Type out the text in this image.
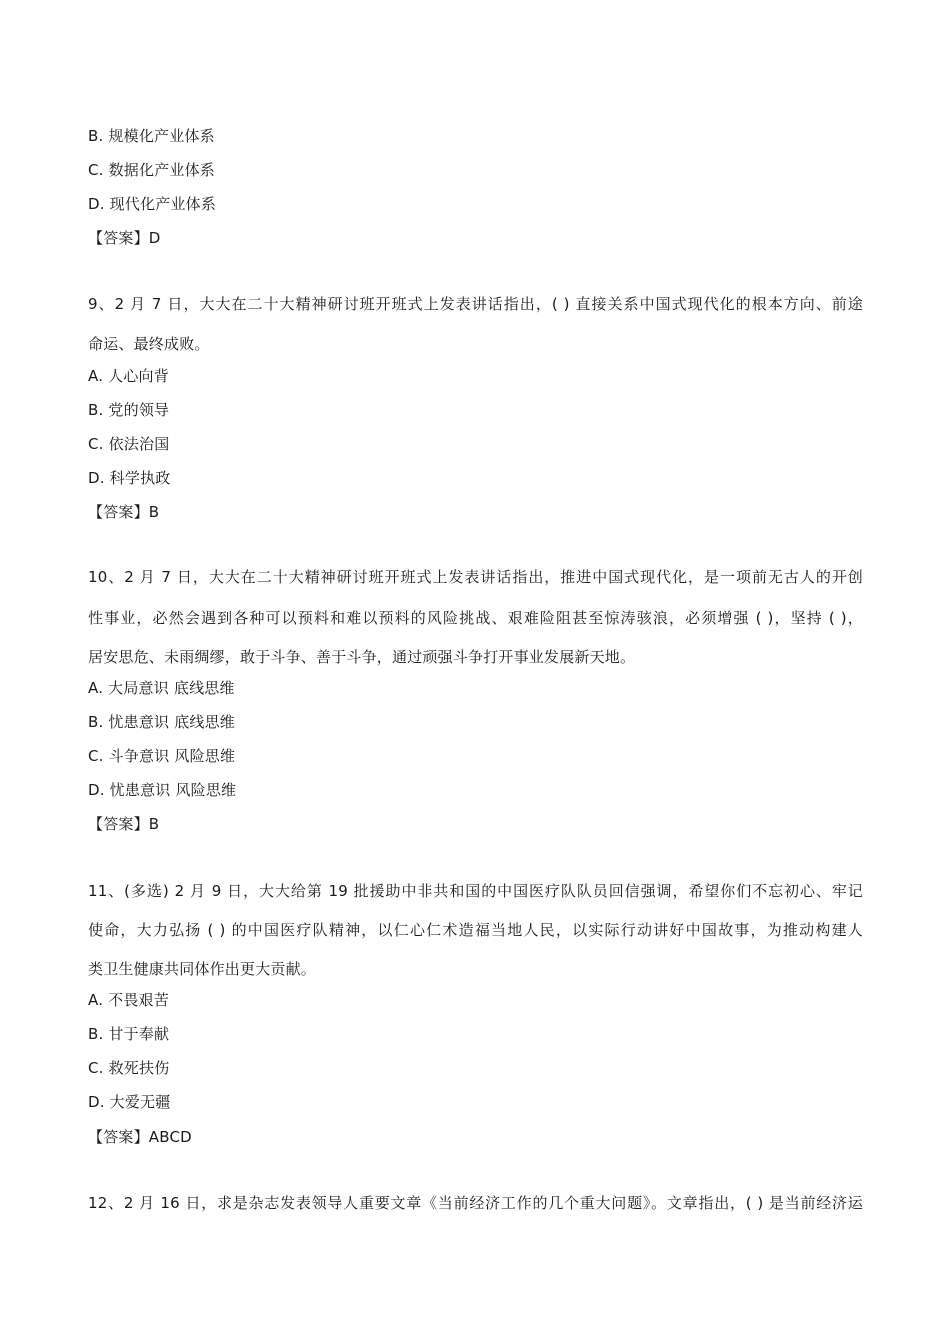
B. 规模化产业体系
C. 数据化产业体系
D. 现代化产业体系
【答案】D
9、2 月 7 日，大大在二十大精神研讨班开班式上发表讲话指出，( ) 直接关系中国式现代化的根本方向、前途
命运、最终成败。
A. 人心向背
B. 党的领导
C. 依法治国
D. 科学执政
【答案】B
10、2 月 7 日，大大在二十大精神研讨班开班式上发表讲话指出，推进中国式现代化，是一项前无古人的开创
性事业，必然会遇到各种可以预料和难以预料的风险挑战、艰难险阻甚至惊涛骇浪，必须增强 ( )，坚持 ( )，
居安思危、未雨绸缪，敢于斗争、善于斗争，通过顽强斗争打开事业发展新天地。
A. 大局意识 底线思维
B. 忧患意识 底线思维
C. 斗争意识 风险思维
D. 忧患意识 风险思维
【答案】B
11、(多选) 2 月 9 日，大大给第 19 批援助中非共和国的中国医疗队队员回信强调，希望你们不忘初心、牢记
使命，大力弘扬 ( ) 的中国医疗队精神，以仁心仁术造福当地人民，以实际行动讲好中国故事，为推动构建人
类卫生健康共同体作出更大贡献。
A. 不畏艰苦
B. 甘于奉献
C. 救死扶伤
D. 大爱无疆
【答案】ABCD
12、2 月 16 日，求是杂志发表领导人重要文章《当前经济工作的几个重大问题》。文章指出，( ) 是当前经济运
